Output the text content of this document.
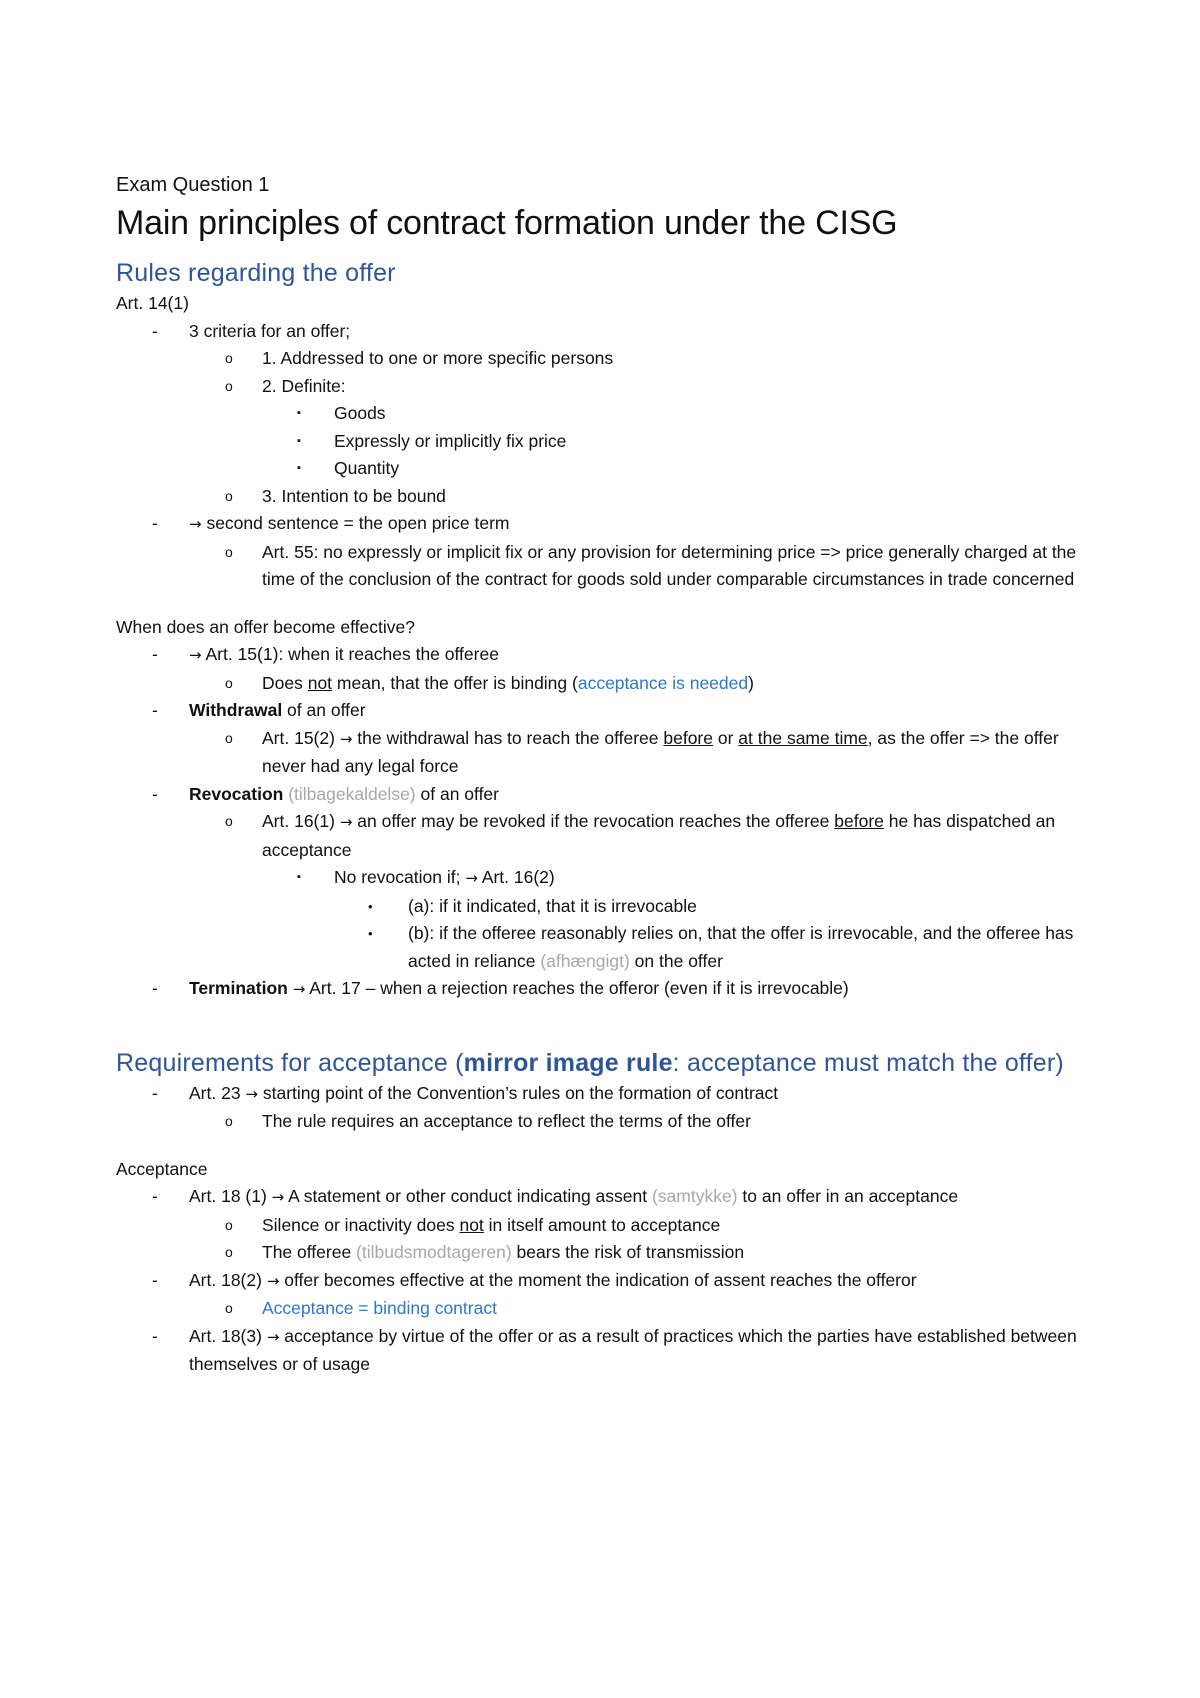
Exam Question 1

Main principles of contract formation under the CISG
Rules regarding the offer

Art. 14(1)

-	3 criteria for an offer;
o	1. Addressed to one or more specific persons
o	2. Definite:
▪	Goods
▪	Expressly or implicitly fix price
▪	Quantity
o	3. Intention to be bound
-	→ second sentence = the open price term
o	Art. 55: no expressly or implicit fix or any provision for determining price => price generally charged at the time of the conclusion of the contract for goods sold under comparable circumstances in trade concerned

When does an offer become effective?

-	→ Art. 15(1): when it reaches the offeree
o	Does not mean, that the offer is binding (acceptance is needed)
-	Withdrawal of an offer
o	Art. 15(2) → the withdrawal has to reach the offeree before or at the same time, as the offer => the offer never had any legal force
-	Revocation (tilbagekaldelse) of an offer
o	Art. 16(1) → an offer may be revoked if the revocation reaches the offeree before he has dispatched an acceptance
▪	No revocation if; → Art. 16(2)
•	(a): if it indicated, that it is irrevocable
•	(b): if the offeree reasonably relies on, that the offer is irrevocable, and the offeree has acted in reliance (afhængigt) on the offer
-	Termination → Art. 17 – when a rejection reaches the offeror (even if it is irrevocable)
Requirements for acceptance (mirror image rule: acceptance must match the offer)
-	Art. 23 → starting point of the Convention’s rules on the formation of contract
o	The rule requires an acceptance to reflect the terms of the offer

Acceptance

-	Art. 18 (1) → A statement or other conduct indicating assent (samtykke) to an offer in an acceptance
o	Silence or inactivity does not in itself amount to acceptance
o	The offeree (tilbudsmodtageren) bears the risk of transmission
-	Art. 18(2) → offer becomes effective at the moment the indication of assent reaches the offeror
o	Acceptance = binding contract
-	Art. 18(3) → acceptance by virtue of the offer or as a result of practices which the parties have established between themselves or of usage
